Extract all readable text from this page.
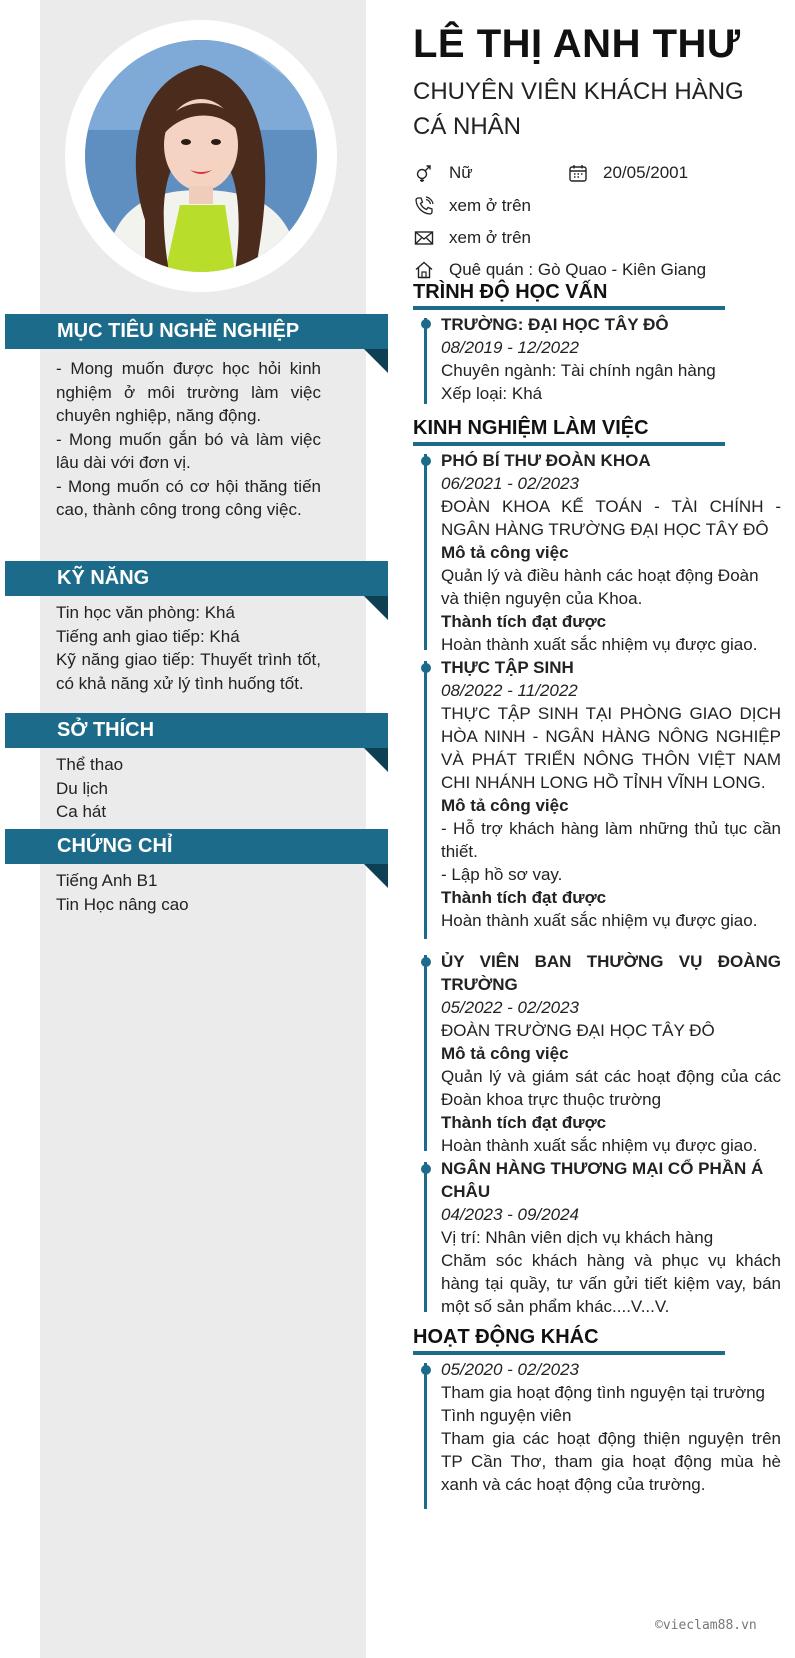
MỤC TIÊU NGHỀ NGHIỆP
- Mong muốn được học hỏi kinh nghiệm ở môi trường làm việc chuyên nghiệp, năng động.
- Mong muốn gắn bó và làm việc lâu dài với đơn vị.
- Mong muốn có cơ hội thăng tiến cao, thành công trong công việc.
KỸ NĂNG
Tin học văn phòng: Khá
Tiếng anh giao tiếp: Khá
Kỹ năng giao tiếp: Thuyết trình tốt, có khả năng xử lý tình huống tốt.
SỞ THÍCH
Thể thao
Du lịch
Ca hát
CHỨNG CHỈ
Tiếng Anh B1
Tin Học nâng cao
LÊ THỊ ANH THƯ
CHUYÊN VIÊN KHÁCH HÀNG CÁ NHÂN
Nữ	20/05/2001
xem ở trên
xem ở trên
Quê quán : Gò Quao - Kiên Giang
TRÌNH ĐỘ HỌC VẤN
TRƯỜNG: ĐẠI HỌC TÂY ĐÔ
08/2019 - 12/2022
Chuyên ngành: Tài chính ngân hàng
Xếp loại: Khá
KINH NGHIỆM LÀM VIỆC
PHÓ BÍ THƯ ĐOÀN KHOA
06/2021 - 02/2023
ĐOÀN KHOA KẾ TOÁN - TÀI CHÍNH - NGÂN HÀNG TRƯỜNG ĐẠI HỌC TÂY ĐÔ
Mô tả công việc
Quản lý và điều hành các hoạt động Đoàn và thiện nguyện của Khoa.
Thành tích đạt được
Hoàn thành xuất sắc nhiệm vụ được giao.
THỰC TẬP SINH
08/2022 - 11/2022
THỰC TẬP SINH TẠI PHÒNG GIAO DỊCH HÒA NINH - NGÂN HÀNG NÔNG NGHIỆP VÀ PHÁT TRIỂN NÔNG THÔN VIỆT NAM CHI NHÁNH LONG HỒ TỈNH VĨNH LONG.
Mô tả công việc
- Hỗ trợ khách hàng làm những thủ tục cần thiết.
- Lập hồ sơ vay.
Thành tích đạt được
Hoàn thành xuất sắc nhiệm vụ được giao.
ỦY VIÊN BAN THƯỜNG VỤ ĐOÀNG TRƯỜNG
05/2022 - 02/2023
ĐOÀN TRƯỜNG ĐẠI HỌC TÂY ĐÔ
Mô tả công việc
Quản lý và giám sát các hoạt động của các Đoàn khoa trực thuộc trường
Thành tích đạt được
Hoàn thành xuất sắc nhiệm vụ được giao.
NGÂN HÀNG THƯƠNG MẠI CỔ PHẦN Á CHÂU
04/2023 - 09/2024
Vị trí: Nhân viên dịch vụ khách hàng
Chăm sóc khách hàng và phục vụ khách hàng tại quầy, tư vấn gửi tiết kiệm vay, bán một số sản phẩm khác....V...V.
HOẠT ĐỘNG KHÁC
05/2020 - 02/2023
Tham gia hoạt động tình nguyện tại trường
Tình nguyện viên
Tham gia các hoạt động thiện nguyện trên TP Cần Thơ, tham gia hoạt động mùa hè xanh và các hoạt động của trường.
©vieclam88.vn
